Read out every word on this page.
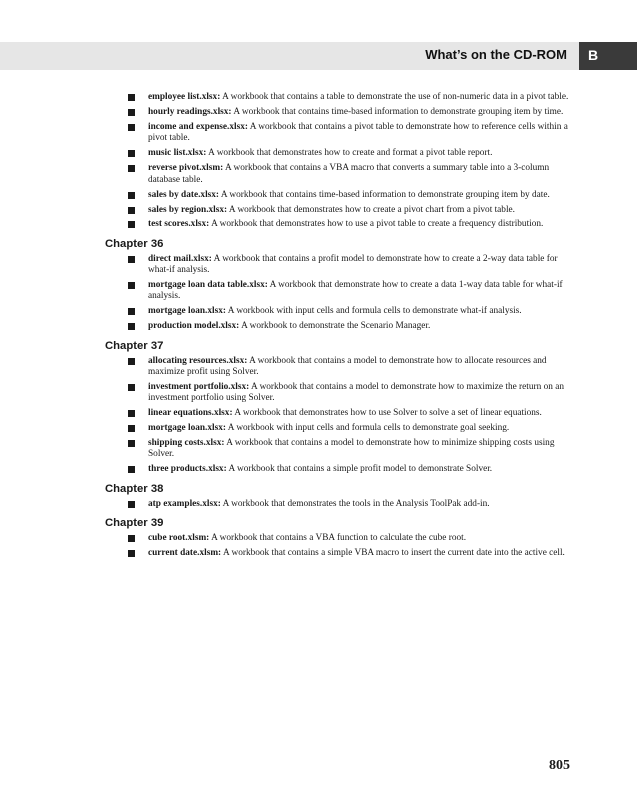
What’s on the CD-ROM B
employee list.xlsx: A workbook that contains a table to demonstrate the use of non-numeric data in a pivot table.
hourly readings.xlsx: A workbook that contains time-based information to demonstrate grouping item by time.
income and expense.xlsx: A workbook that contains a pivot table to demonstrate how to reference cells within a pivot table.
music list.xlsx: A workbook that demonstrates how to create and format a pivot table report.
reverse pivot.xlsm: A workbook that contains a VBA macro that converts a summary table into a 3-column database table.
sales by date.xlsx: A workbook that contains time-based information to demonstrate grouping item by date.
sales by region.xlsx: A workbook that demonstrates how to create a pivot chart from a pivot table.
test scores.xlsx: A workbook that demonstrates how to use a pivot table to create a frequency distribution.
Chapter 36
direct mail.xlsx: A workbook that contains a profit model to demonstrate how to create a 2-way data table for what-if analysis.
mortgage loan data table.xlsx: A workbook that demonstrate how to create a data 1-way data table for what-if analysis.
mortgage loan.xlsx: A workbook with input cells and formula cells to demonstrate what-if analysis.
production model.xlsx: A workbook to demonstrate the Scenario Manager.
Chapter 37
allocating resources.xlsx: A workbook that contains a model to demonstrate how to allocate resources and maximize profit using Solver.
investment portfolio.xlsx: A workbook that contains a model to demonstrate how to maximize the return on an investment portfolio using Solver.
linear equations.xlsx: A workbook that demonstrates how to use Solver to solve a set of linear equations.
mortgage loan.xlsx: A workbook with input cells and formula cells to demonstrate goal seeking.
shipping costs.xlsx: A workbook that contains a model to demonstrate how to minimize shipping costs using Solver.
three products.xlsx: A workbook that contains a simple profit model to demonstrate Solver.
Chapter 38
atp examples.xlsx: A workbook that demonstrates the tools in the Analysis ToolPak add-in.
Chapter 39
cube root.xlsm: A workbook that contains a VBA function to calculate the cube root.
current date.xlsm: A workbook that contains a simple VBA macro to insert the current date into the active cell.
805
